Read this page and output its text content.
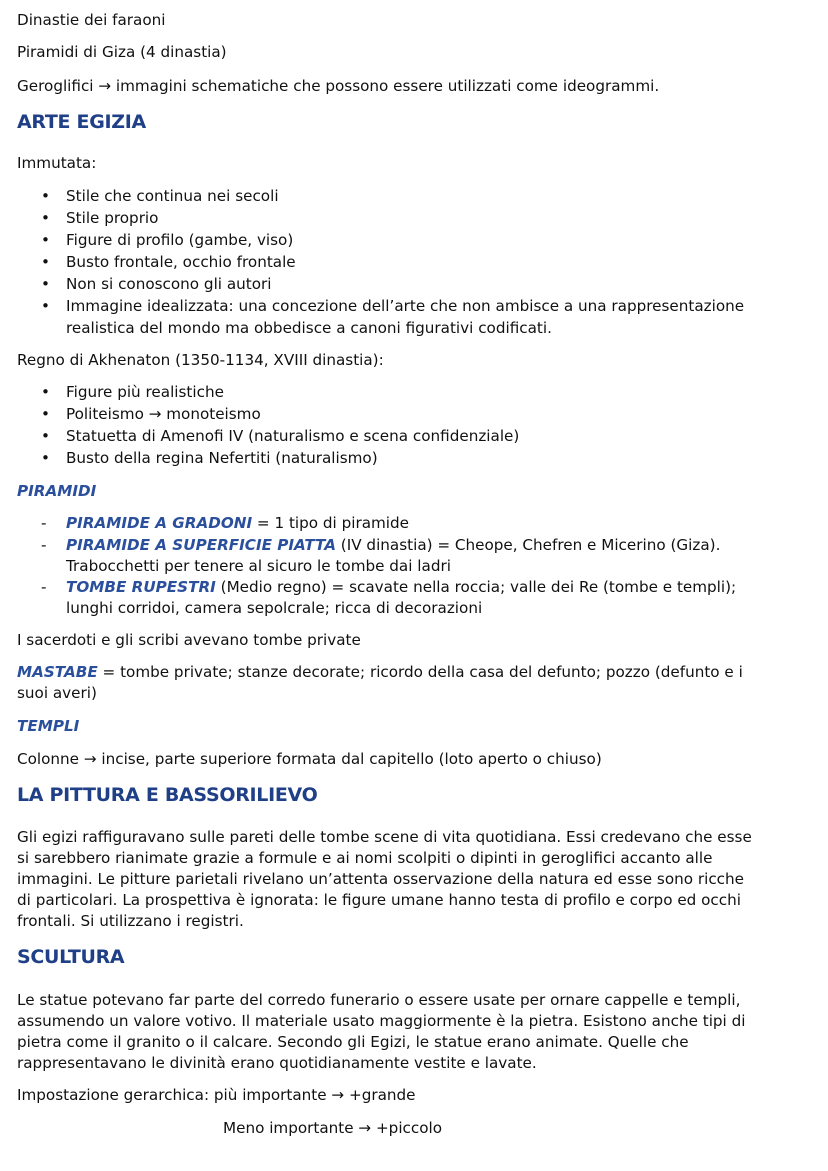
Dinastie dei faraoni
Piramidi di Giza (4 dinastia)
Geroglifici → immagini schematiche che possono essere utilizzati come ideogrammi.
ARTE EGIZIA
Immutata:
• Stile che continua nei secoli
• Stile proprio
• Figure di profilo (gambe, viso)
• Busto frontale, occhio frontale
• Non si conoscono gli autori
• Immagine idealizzata: una concezione dell’arte che non ambisce a una rappresentazione
realistica del mondo ma obbedisce a canoni figurativi codificati.
Regno di Akhenaton (1350-1134, XVIII dinastia):
• Figure più realistiche
• Politeismo → monoteismo
• Statuetta di Amenofi IV (naturalismo e scena confidenziale)
• Busto della regina Nefertiti (naturalismo)
PIRAMIDI
- PIRAMIDE A GRADONI = 1 tipo di piramide
- PIRAMIDE A SUPERFICIE PIATTA (IV dinastia) = Cheope, Chefren e Micerino (Giza).
Trabocchetti per tenere al sicuro le tombe dai ladri
- TOMBE RUPESTRI (Medio regno) = scavate nella roccia; valle dei Re (tombe e templi);
lunghi corridoi, camera sepolcrale; ricca di decorazioni
I sacerdoti e gli scribi avevano tombe private
MASTABE = tombe private; stanze decorate; ricordo della casa del defunto; pozzo (defunto e i
suoi averi)
TEMPLI
Colonne → incise, parte superiore formata dal capitello (loto aperto o chiuso)
LA PITTURA E BASSORILIEVO
Gli egizi raffiguravano sulle pareti delle tombe scene di vita quotidiana. Essi credevano che esse
si sarebbero rianimate grazie a formule e ai nomi scolpiti o dipinti in geroglifici accanto alle
immagini. Le pitture parietali rivelano un’attenta osservazione della natura ed esse sono ricche
di particolari. La prospettiva è ignorata: le figure umane hanno testa di profilo e corpo ed occhi
frontali. Si utilizzano i registri.
SCULTURA
Le statue potevano far parte del corredo funerario o essere usate per ornare cappelle e templi,
assumendo un valore votivo. Il materiale usato maggiormente è la pietra. Esistono anche tipi di
pietra come il granito o il calcare. Secondo gli Egizi, le statue erano animate. Quelle che
rappresentavano le divinità erano quotidianamente vestite e lavate.
Impostazione gerarchica: più importante → +grande
Meno importante → +piccolo
